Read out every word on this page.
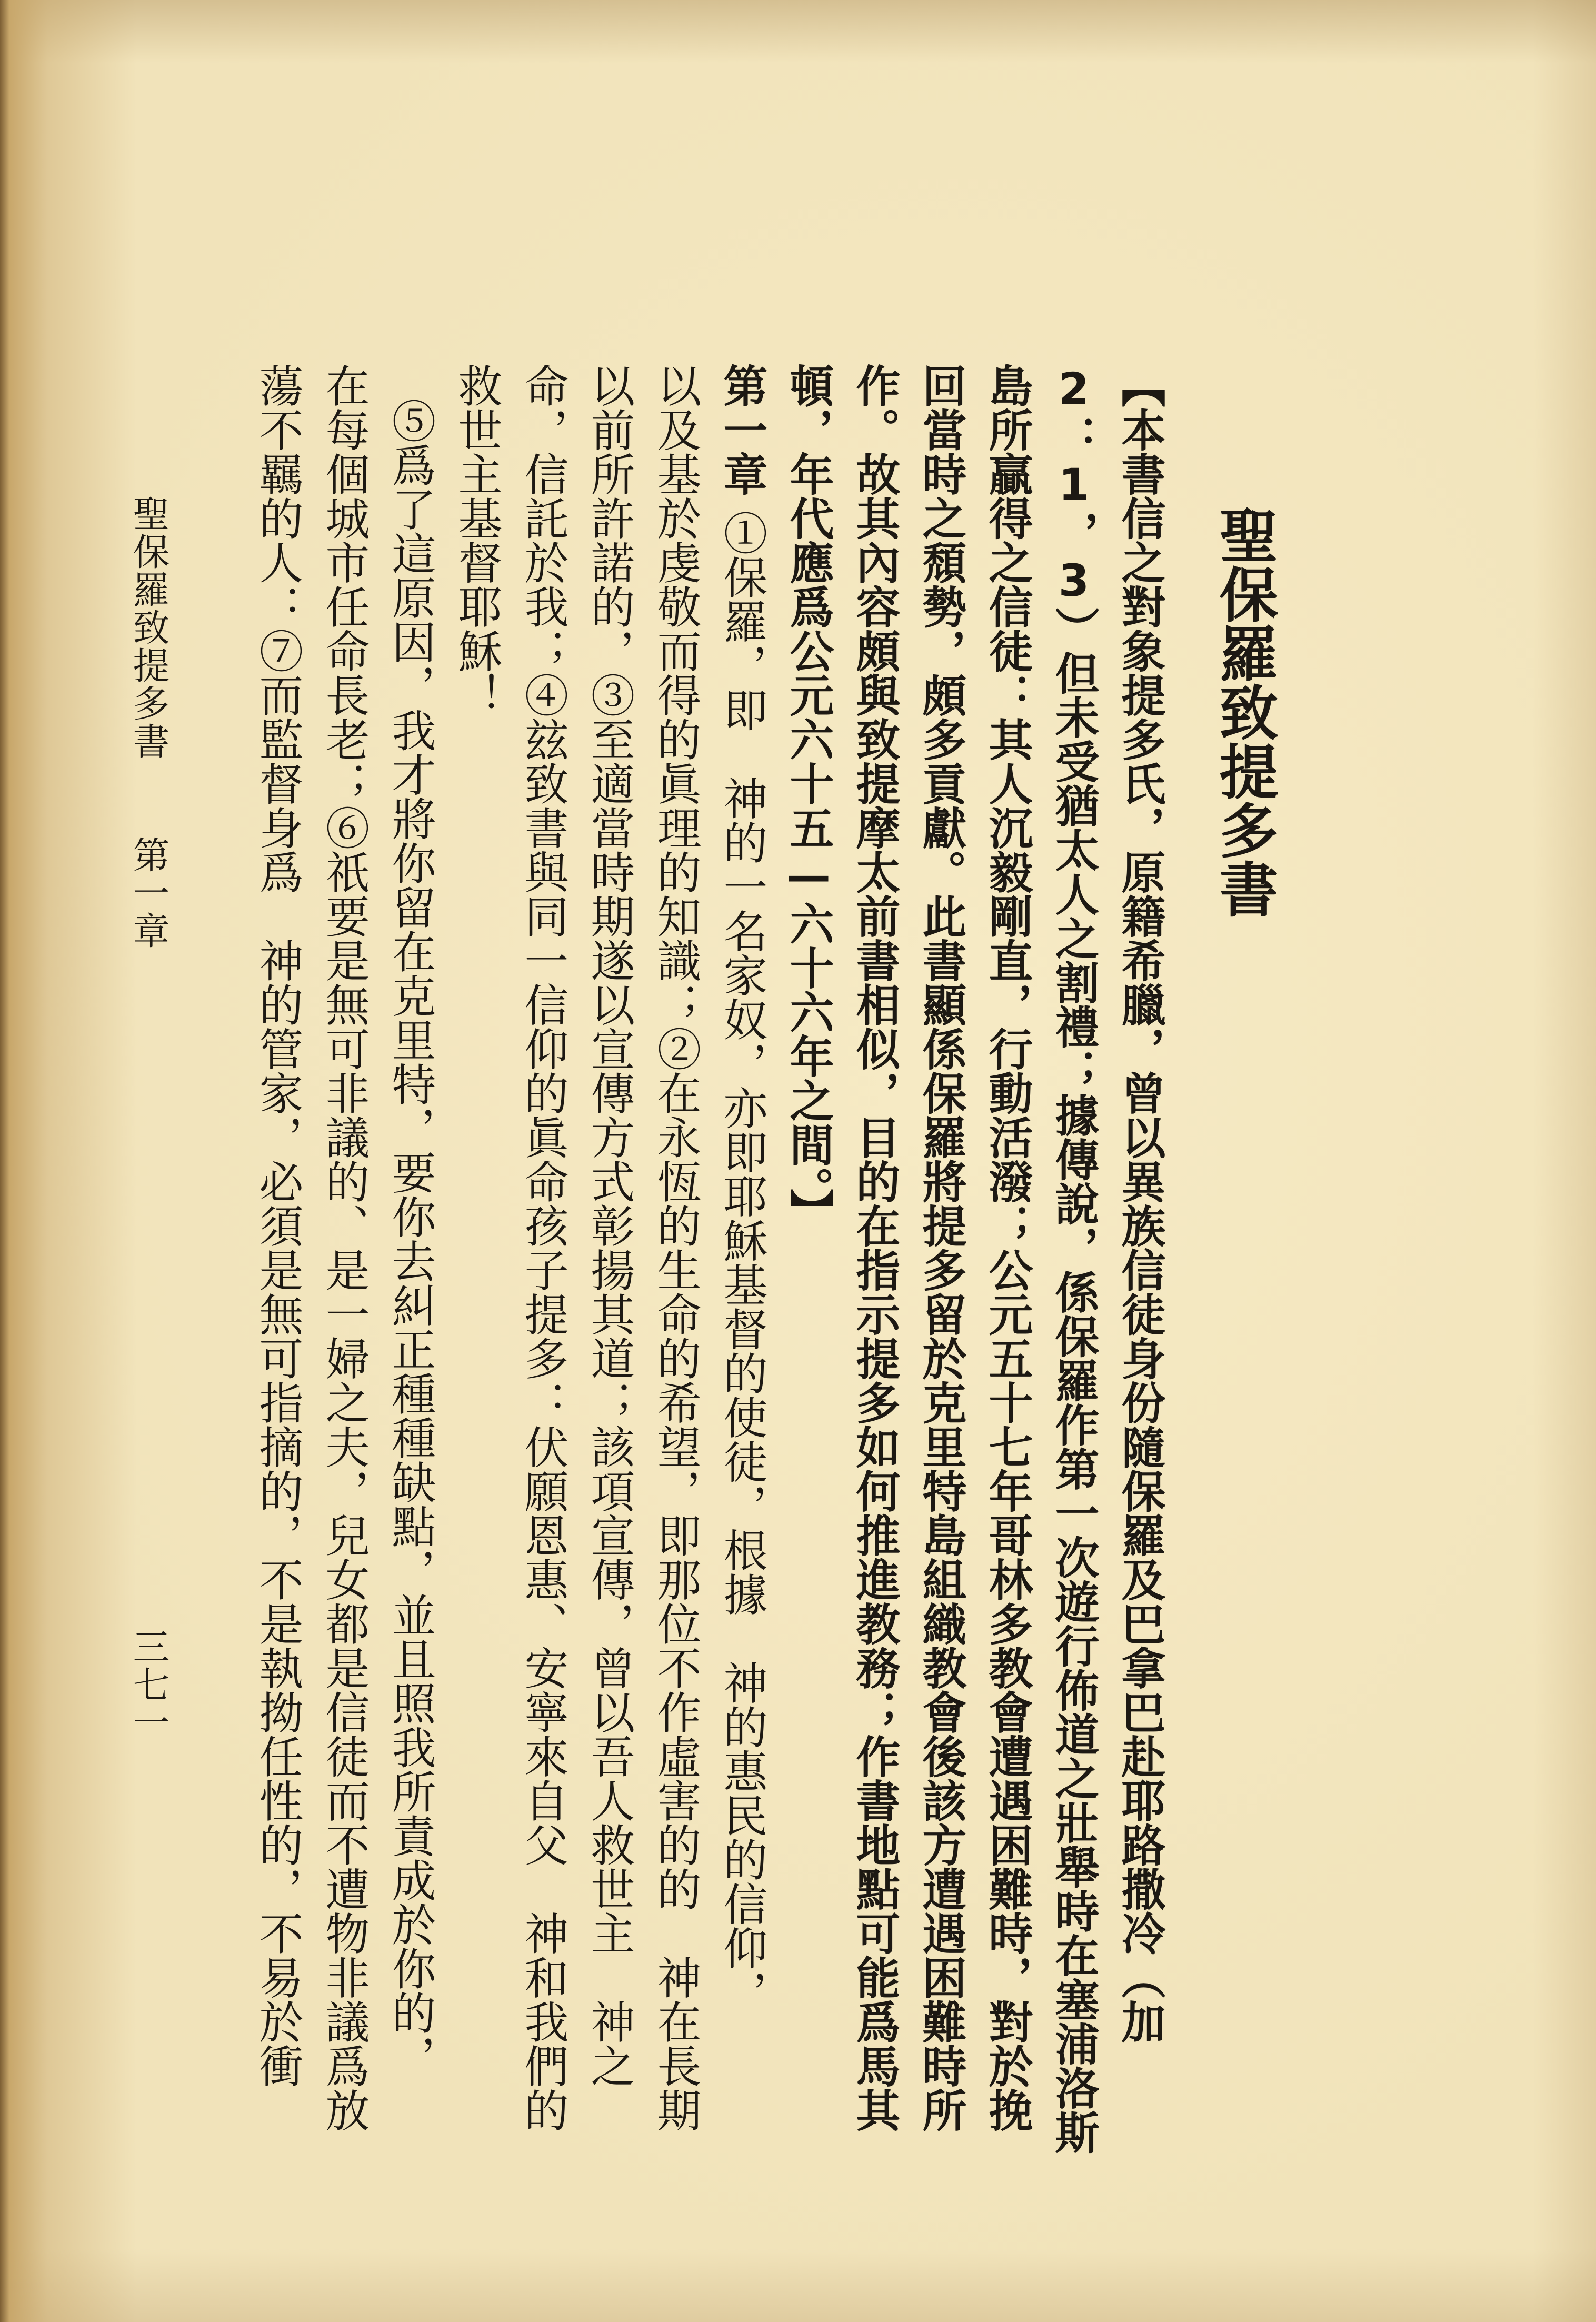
聖保羅致提多書
【本書信之對象提多氏，原籍希臘，曾以異族信徒身份隨保羅及巴拿巴赴耶路撒冷（加
2：1，3）但未受猶太人之割禮；據傳說，係保羅作第一次遊行佈道之壯舉時在塞浦洛斯
島所贏得之信徒：其人沉毅剛直，行動活潑；公元五十七年哥林多教會遭遇困難時，對於挽
回當時之頹勢，頗多貢獻。此書顯係保羅將提多留於克里特島組織教會後該方遭遇困難時所
作。故其內容頗與致提摩太前書相似，目的在指示提多如何推進教務；作書地點可能爲馬其
頓，年代應爲公元六十五—六十六年之間。】
第一章①保羅，即　神的一名家奴，亦即耶穌基督的使徒，根據　神的惠民的信仰，
以及基於虔敬而得的眞理的知識；②在永恆的生命的希望，即那位不作虛害的的　神在長期
以前所許諾的，③至適當時期遂以宣傳方式彰揚其道；該項宣傳，曾以吾人救世主　神之
命，信託於我；④玆致書與同一信仰的眞命孩子提多：伏願恩惠、安寧來自父　神和我們的
救世主基督耶穌！
⑤爲了這原因，我才將你留在克里特，要你去糾正種種缺點，並且照我所責成於你的，
在每個城市任命長老；⑥祇要是無可非議的、是一婦之夫，兒女都是信徒而不遭物非議爲放
蕩不羈的人：⑦而監督身爲　神的管家，必須是無可指摘的，不是執拗任性的，不易於衝
聖保羅致提多書
第一章
三七一
